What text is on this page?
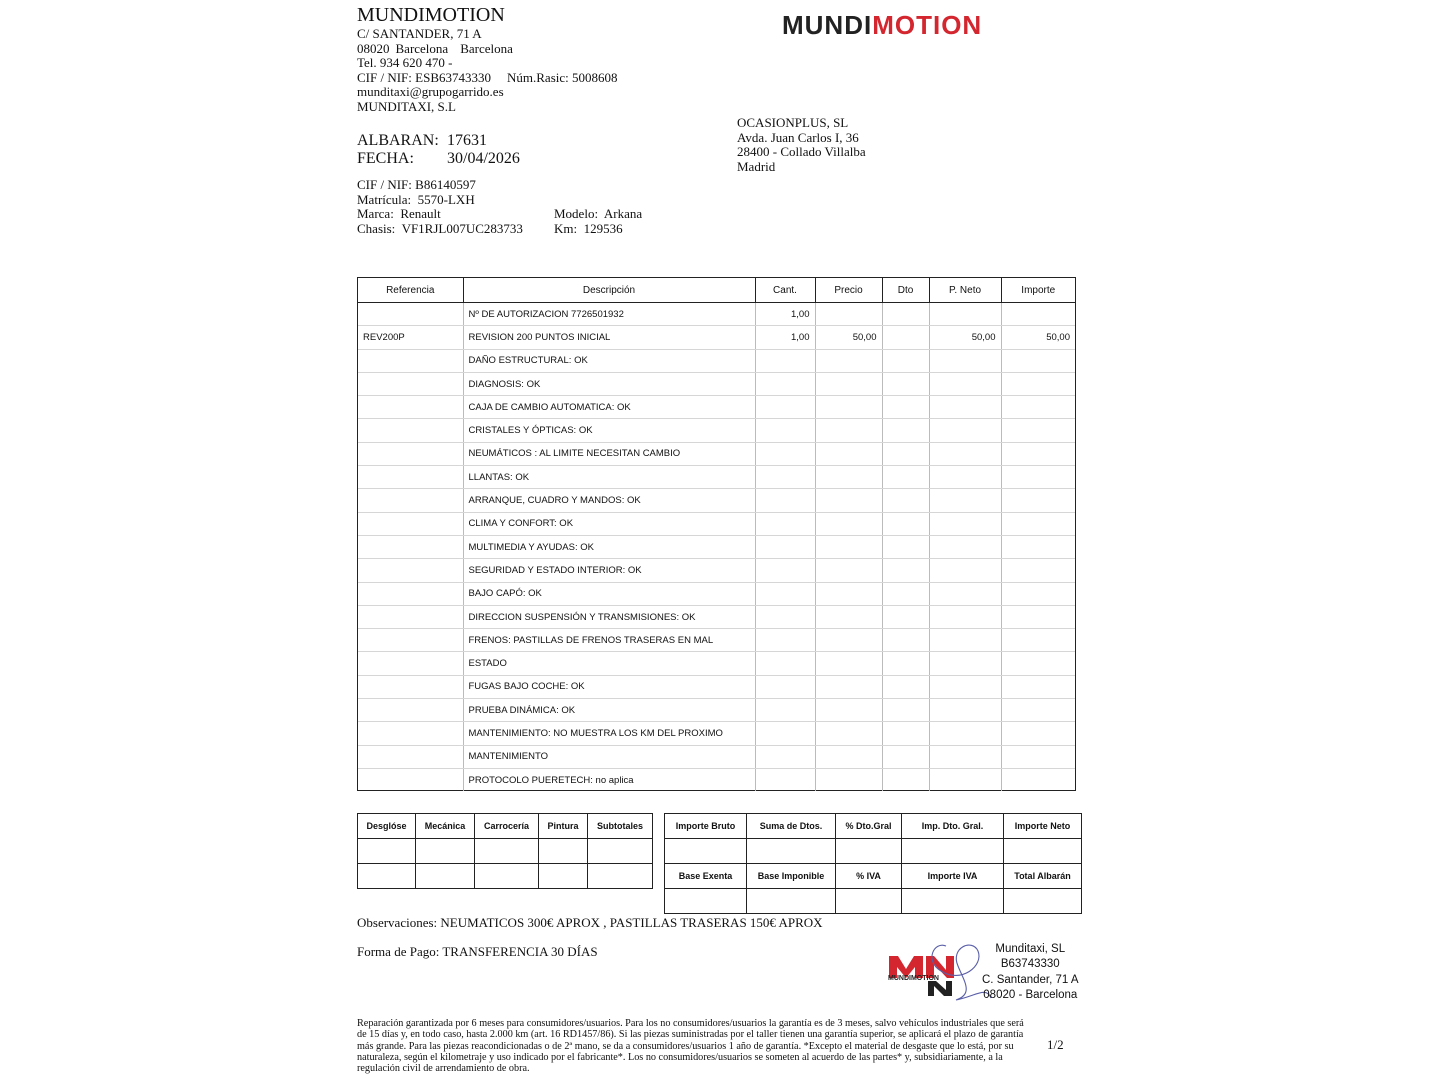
MUNDIMOTION
C/ SANTANDER, 71 A
08020 Barcelona Barcelona
Tel. 934 620 470 -
CIF / NIF: ESB63743330 Núm.Rasic: 5008608
munditaxi@grupogarrido.es
MUNDITAXI, S.L
MUNDIMOTION
ALBARAN: 17631
FECHA: 30/04/2026
OCASIONPLUS, SL
Avda. Juan Carlos I, 36
28400 - Collado Villalba
Madrid
CIF / NIF: B86140597
Matrícula: 5570-LXH
Marca: Renault	Modelo: Arkana
Chasis: VF1RJL007UC283733 Km: 129536
Referencia	Descripción	Cant.	Precio	Dto	P. Neto	Importe
	Nº DE AUTORIZACION 7726501932	1,00				
REV200P	REVISION 200 PUNTOS INICIAL	1,00	50,00		50,00	50,00
	DAÑO ESTRUCTURAL: OK					
	DIAGNOSIS: OK					
	CAJA DE CAMBIO AUTOMATICA: OK					
	CRISTALES Y ÓPTICAS: OK					
	NEUMÁTICOS : AL LIMITE NECESITAN CAMBIO					
	LLANTAS: OK					
	ARRANQUE, CUADRO Y MANDOS: OK					
	CLIMA Y CONFORT: OK					
	MULTIMEDIA Y AYUDAS: OK					
	SEGURIDAD Y ESTADO INTERIOR: OK					
	BAJO CAPÓ: OK					
	DIRECCION SUSPENSIÓN Y TRANSMISIONES: OK					
	FRENOS: PASTILLAS DE FRENOS TRASERAS EN MAL					
	ESTADO					
	FUGAS BAJO COCHE: OK					
	PRUEBA DINÁMICA: OK					
	MANTENIMIENTO: NO MUESTRA LOS KM DEL PROXIMO					
	MANTENIMIENTO					
	PROTOCOLO PUERETECH: no aplica					
Desglóse	Mecánica	Carrocería	Pintura	Subtotales

					Importe Bruto	Suma de Dtos.	% Dto.Gral	Imp. Dto. Gral.	Importe Neto

Base Exenta	Base Imponible	% IVA	Importe IVA	Total Albarán

Observaciones: NEUMATICOS 300€ APROX , PASTILLAS TRASERAS 150€ APROX
Forma de Pago: TRANSFERENCIA 30 DÍAS
MUNDIMOTION
Munditaxi, SL
B63743330
C. Santander, 71 A
08020 - Barcelona
Reparación garantizada por 6 meses para consumidores/usuarios. Para los no consumidores/usuarios la garantía es de 3 meses, salvo vehículos industriales que será de 15 días y, en todo caso, hasta 2.000 km (art. 16 RD1457/86). Si las piezas suministradas por el taller tienen una garantía superior, se aplicará el plazo de garantía más grande. Para las piezas reacondicionadas o de 2ª mano, se da a consumidores/usuarios 1 año de garantía. *Excepto el material de desgaste que lo está, por su naturaleza, según el kilometraje y uso indicado por el fabricante*. Los no consumidores/usuarios se someten al acuerdo de las partes* y, subsidiariamente, a la regulación civil de arrendamiento de obra.
1/2
